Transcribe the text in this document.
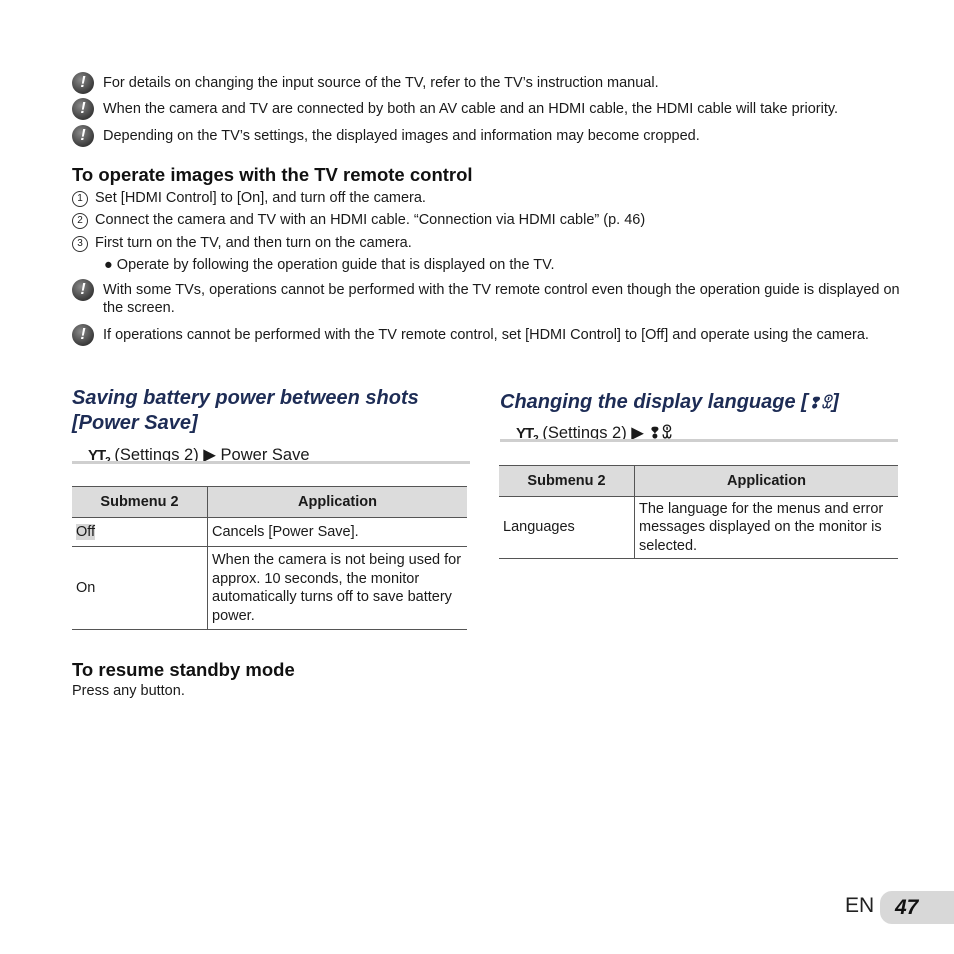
!	For details on changing the input source of the TV, refer to the TV’s instruction manual.
!	When the camera and TV are connected by both an AV cable and an HDMI cable, the HDMI cable will take priority.
!	Depending on the TV’s settings, the displayed images and information may become cropped.
To operate images with the TV remote control
1 Set [HDMI Control] to [On], and turn off the camera.
2 Connect the camera and TV with an HDMI cable. “Connection via HDMI cable” (p. 46)
3 First turn on the TV, and then turn on the camera.
● Operate by following the operation guide that is displayed on the TV.
!	With some TVs, operations cannot be performed with the TV remote control even though the operation guide is displayed on the screen.
!	If operations cannot be performed with the TV remote control, set [HDMI Control] to [Off] and operate using the camera.
Saving battery power between shots [Power Save]
$YT_2$ (Settings 2) ▶ Power Save
Submenu 2	Application
Off	Cancels [Power Save].
On	When the camera is not being used for approx. 10 seconds, the monitor automatically turns off to save battery power.
To resume standby mode
Press any button.
Changing the display language [❢ꀾ]
$YT_2$ (Settings 2) ▶ ❢ꀾ
Submenu 2	Application
Languages	The language for the menus and error messages displayed on the monitor is selected.
EN 47
